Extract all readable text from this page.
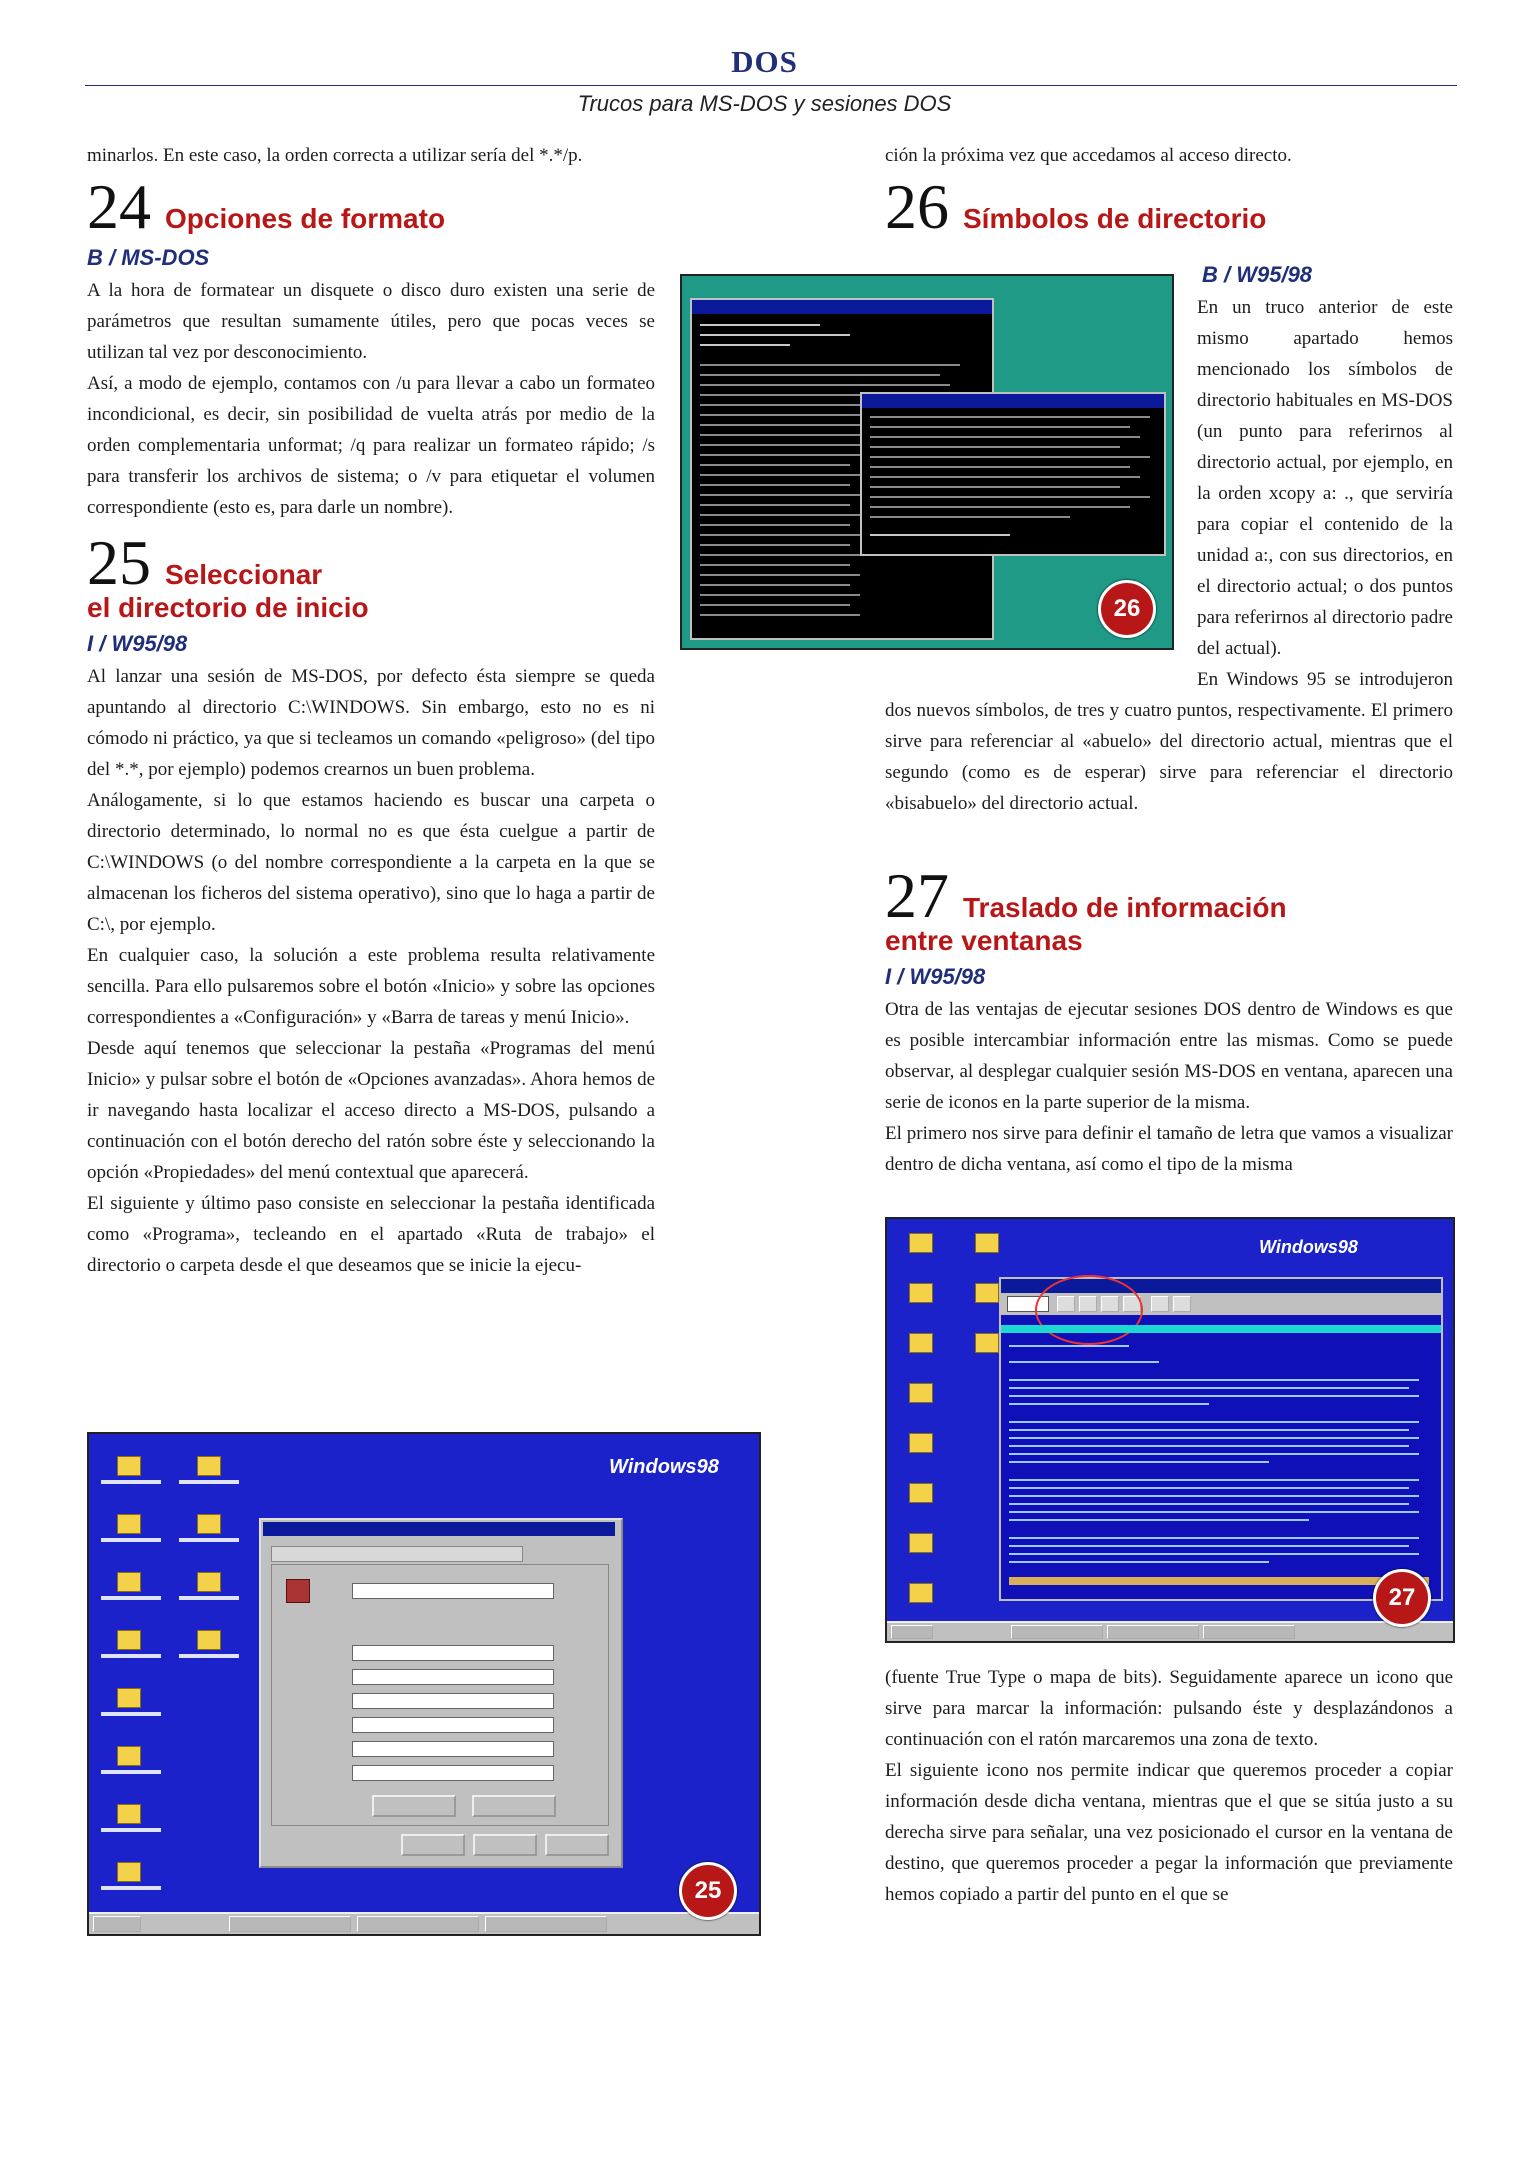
DOS
Trucos para MS-DOS y sesiones DOS

minarlos. En este caso, la orden correcta a utilizar sería del *.*/p.

24 Opciones de formato
B / MS-DOS

A la hora de formatear un disquete o disco duro existen una serie de parámetros que resultan sumamente útiles, pero que pocas veces se utilizan tal vez por desconocimiento.

Así, a modo de ejemplo, contamos con /u para llevar a cabo un formateo incondicional, es decir, sin posibilidad de vuelta atrás por medio de la orden complementaria unformat; /q para realizar un formateo rápido; /s para transferir los archivos de sistema; o /v para etiquetar el volumen correspondiente (esto es, para darle un nombre).

25 Seleccionar
el directorio de inicio
I / W95/98

Al lanzar una sesión de MS-DOS, por defecto ésta siempre se queda apuntando al directorio C:\WINDOWS. Sin embargo, esto no es ni cómodo ni práctico, ya que si tecleamos un comando «peligroso» (del tipo del *.*, por ejemplo) podemos crearnos un buen problema.

Análogamente, si lo que estamos haciendo es buscar una carpeta o directorio determinado, lo normal no es que ésta cuelgue a partir de C:\WINDOWS (o del nombre correspondiente a la carpeta en la que se almacenan los ficheros del sistema operativo), sino que lo haga a partir de C:\, por ejemplo.

En cualquier caso, la solución a este problema resulta relativamente sencilla. Para ello pulsaremos sobre el botón «Inicio» y sobre las opciones correspondientes a «Configuración» y «Barra de tareas y menú Inicio».

Desde aquí tenemos que seleccionar la pestaña «Programas del menú Inicio» y pulsar sobre el botón de «Opciones avanzadas». Ahora hemos de ir navegando hasta localizar el acceso directo a MS-DOS, pulsando a continuación con el botón derecho del ratón sobre éste y seleccionando la opción «Propiedades» del menú contextual que aparecerá.

El siguiente y último paso consiste en seleccionar la pestaña identificada como «Programa», tecleando en el apartado «Ruta de trabajo» el directorio o carpeta desde el que deseamos que se inicie la ejecu-

Windows98
25

ción la próxima vez que accedamos al acceso directo.

26 Símbolos de directorio
26
B / W95/98

En un truco anterior de este mismo apartado hemos mencionado los símbolos de directorio habituales en MS-DOS (un punto para referirnos al directorio actual, por ejemplo, en la orden xcopy a: ., que serviría para copiar el contenido de la unidad a:, con sus directorios, en el directorio actual; o dos puntos para referirnos al directorio padre del actual).

En Windows 95 se introdujeron dos nuevos símbolos, de tres y cuatro puntos, respectivamente. El primero sirve para referenciar al «abuelo» del directorio actual, mientras que el segundo (como es de esperar) sirve para referenciar el directorio «bisabuelo» del directorio actual.

27 Traslado de información
entre ventanas
I / W95/98

Otra de las ventajas de ejecutar sesiones DOS dentro de Windows es que es posible intercambiar información entre las mismas. Como se puede observar, al desplegar cualquier sesión MS-DOS en ventana, aparecen una serie de iconos en la parte superior de la misma.

El primero nos sirve para definir el tamaño de letra que vamos a visualizar dentro de dicha ventana, así como el tipo de la misma

Windows98
27

(fuente True Type o mapa de bits). Seguidamente aparece un icono que sirve para marcar la información: pulsando éste y desplazándonos a continuación con el ratón marcaremos una zona de texto.

El siguiente icono nos permite indicar que queremos proceder a copiar información desde dicha ventana, mientras que el que se sitúa justo a su derecha sirve para señalar, una vez posicionado el cursor en la ventana de destino, que queremos proceder a pegar la información que previamente hemos copiado a partir del punto en el que se
